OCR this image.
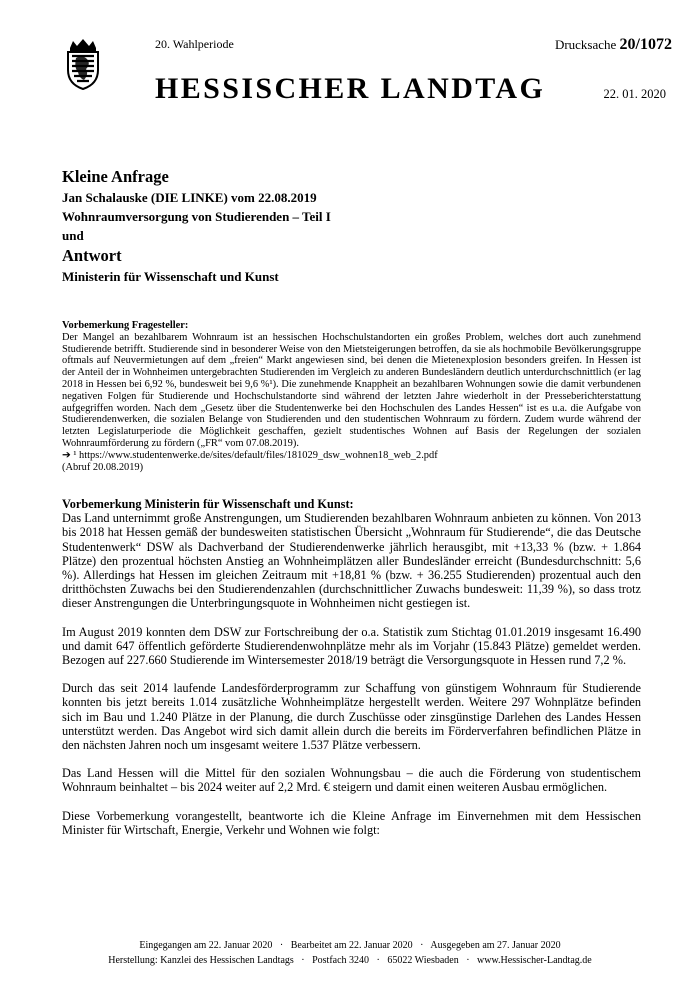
20. Wahlperiode	Drucksache 20/1072
HESSISCHER LANDTAG	22. 01. 2020
Kleine Anfrage
Jan Schalauske (DIE LINKE) vom 22.08.2019
Wohnraumversorgung von Studierenden – Teil I
und
Antwort
Ministerin für Wissenschaft und Kunst
Vorbemerkung Fragesteller:

Der Mangel an bezahlbarem Wohnraum ist an hessischen Hochschulstandorten ein großes Problem, welches dort auch zunehmend Studierende betrifft. Studierende sind in besonderer Weise von den Mietsteigerungen betroffen, da sie als hochmobile Bevölkerungsgruppe oftmals auf Neuvermietungen auf dem „freien“ Markt angewiesen sind, bei denen die Mietenexplosion besonders greifen. In Hessen ist der Anteil der in Wohnheimen untergebrachten Studierenden im Vergleich zu anderen Bundesländern deutlich unterdurchschnittlich (er lag 2018 in Hessen bei 6,92 %, bundesweit bei 9,6 %¹). Die zunehmende Knappheit an bezahlbaren Wohnungen sowie die damit verbundenen negativen Folgen für Studierende und Hochschulstandorte sind während der letzten Jahre wiederholt in der Presseberichterstattung aufgegriffen worden. Nach dem „Gesetz über die Studentenwerke bei den Hochschulen des Landes Hessen“ ist es u.a. die Aufgabe von Studierendenwerken, die sozialen Belange von Studierenden und den studentischen Wohnraum zu fördern. Zudem wurde während der letzten Legislaturperiode die Möglichkeit geschaffen, gezielt studentisches Wohnen auf Basis der Regelungen der sozialen Wohnraumförderung zu fördern („FR“ vom 07.08.2019).

➔ ¹ https://www.studentenwerke.de/sites/default/files/181029_dsw_wohnen18_web_2.pdf
(Abruf 20.08.2019)
Vorbemerkung Ministerin für Wissenschaft und Kunst:

Das Land unternimmt große Anstrengungen, um Studierenden bezahlbaren Wohnraum anbieten zu können. Von 2013 bis 2018 hat Hessen gemäß der bundesweiten statistischen Übersicht „Wohnraum für Studierende“, die das Deutsche Studentenwerk“ DSW als Dachverband der Studierendenwerke jährlich herausgibt, mit +13,33 % (bzw. + 1.864 Plätze) den prozentual höchsten Anstieg an Wohnheimplätzen aller Bundesländer erreicht (Bundesdurchschnitt: 5,6 %). Allerdings hat Hessen im gleichen Zeitraum mit +18,81 % (bzw. + 36.255 Studierenden) prozentual auch den dritthöchsten Zuwachs bei den Studierendenzahlen (durchschnittlicher Zuwachs bundesweit: 11,39 %), so dass trotz dieser Anstrengungen die Unterbringungsquote in Wohnheimen nicht gestiegen ist.

Im August 2019 konnten dem DSW zur Fortschreibung der o.a. Statistik zum Stichtag 01.01.2019 insgesamt 16.490 und damit 647 öffentlich geförderte Studierendenwohnplätze mehr als im Vorjahr (15.843 Plätze) gemeldet werden. Bezogen auf 227.660 Studierende im Wintersemester 2018/19 beträgt die Versorgungsquote in Hessen rund 7,2 %.

Durch das seit 2014 laufende Landesförderprogramm zur Schaffung von günstigem Wohnraum für Studierende konnten bis jetzt bereits 1.014 zusätzliche Wohnheimplätze hergestellt werden. Weitere 297 Wohnplätze befinden sich im Bau und 1.240 Plätze in der Planung, die durch Zuschüsse oder zinsgünstige Darlehen des Landes Hessen unterstützt werden. Das Angebot wird sich damit allein durch die bereits im Förderverfahren befindlichen Plätze in den nächsten Jahren noch um insgesamt weitere 1.537 Plätze verbessern.

Das Land Hessen will die Mittel für den sozialen Wohnungsbau – die auch die Förderung von studentischem Wohnraum beinhaltet – bis 2024 weiter auf 2,2 Mrd. € steigern und damit einen weiteren Ausbau ermöglichen.

Diese Vorbemerkung vorangestellt, beantworte ich die Kleine Anfrage im Einvernehmen mit dem Hessischen Minister für Wirtschaft, Energie, Verkehr und Wohnen wie folgt:

Eingegangen am 22. Januar 2020   ·   Bearbeitet am 22. Januar 2020   ·   Ausgegeben am 27. Januar 2020
Herstellung: Kanzlei des Hessischen Landtags   ·   Postfach 3240   ·   65022 Wiesbaden   ·   www.Hessischer-Landtag.de
